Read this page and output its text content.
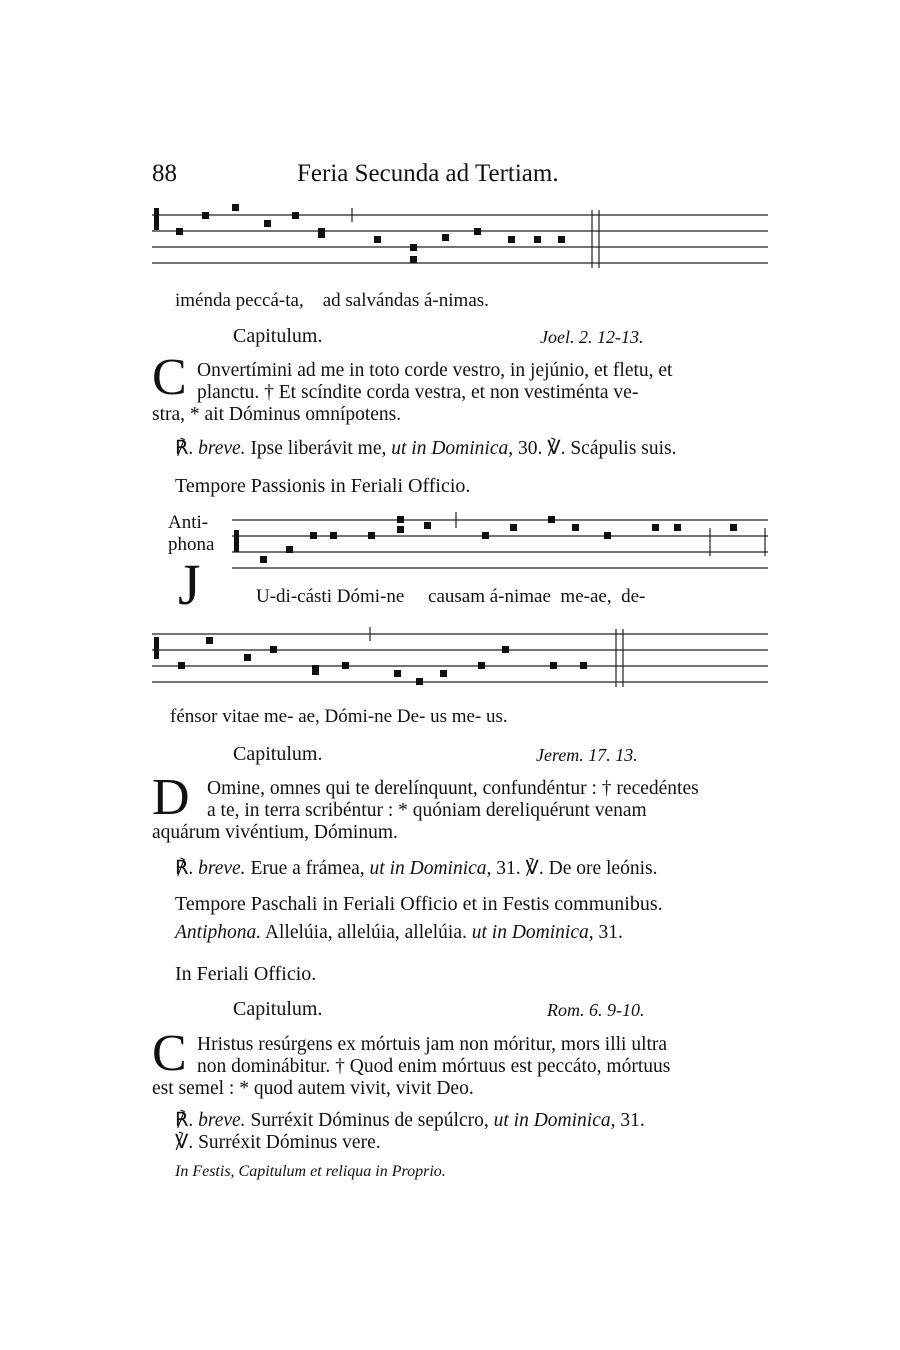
88	Feria Secunda ad Tertiam.
iménda peccá-ta,    ad salvándas á-nimas.
Capitulum.	Joel. 2. 12-13.
C Onvertímini ad me in toto corde vestro, in jejúnio, et fletu, et
planctu. † Et scíndite corda vestra, et non vestiménta ve-
stra, * ait Dóminus omnípotens.
℟. breve. Ipse liberávit me, ut in Dominica, 30. ℣. Scápulis suis.
Tempore Passionis in Feriali Officio.
Anti-
phona
J	U-di-cásti Dómi-ne     causam á-nimae  me-ae,  de-
fénsor vitae me- ae, Dómi-ne De- us me- us.
Capitulum.	Jerem. 17. 13.
D Omine, omnes qui te derelínquunt, confundéntur : † recedéntes
a te, in terra scribéntur : * quóniam dereliquérunt venam
aquárum vivéntium, Dóminum.
℟. breve. Erue a frámea, ut in Dominica, 31. ℣. De ore leónis.
Tempore Paschali in Feriali Officio et in Festis communibus.
Antiphona. Allelúia, allelúia, allelúia. ut in Dominica, 31.
In Feriali Officio.
Capitulum.	Rom. 6. 9-10.
C Hristus resúrgens ex mórtuis jam non móritur, mors illi ultra
non dominábitur. † Quod enim mórtuus est peccáto, mórtuus
est semel : * quod autem vivit, vivit Deo.
℟. breve. Surréxit Dóminus de sepúlcro, ut in Dominica, 31.
℣. Surréxit Dóminus vere.
In Festis, Capitulum et reliqua in Proprio.
